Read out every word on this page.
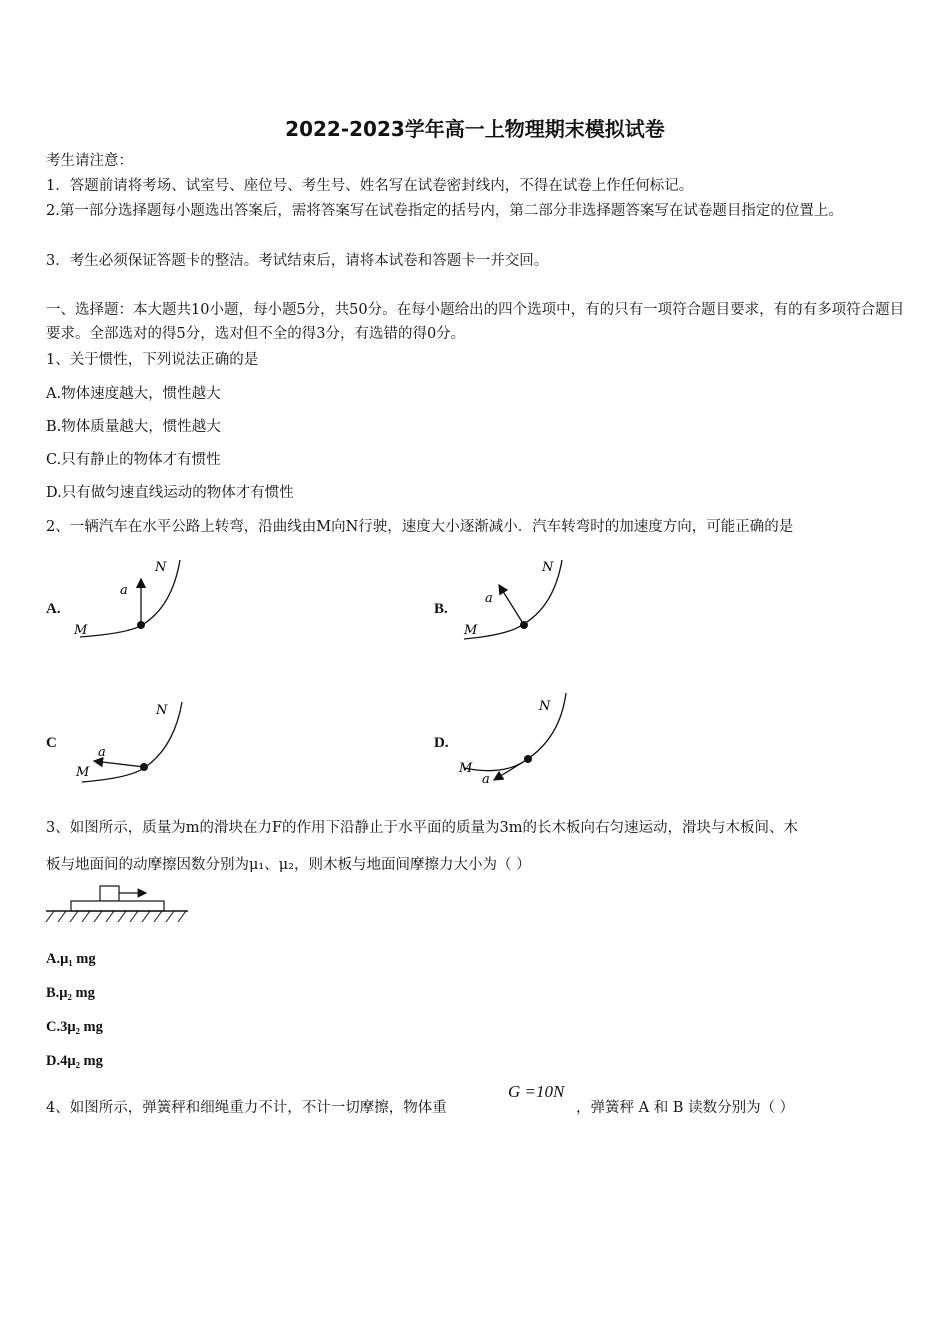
2022-2023学年高一上物理期末模拟试卷
考生请注意：
1．答题前请将考场、试室号、座位号、考生号、姓名写在试卷密封线内，不得在试卷上作任何标记。
2.第一部分选择题每小题选出答案后，需将答案写在试卷指定的括号内，第二部分非选择题答案写在试卷题目指定的位置上。
3．考生必须保证答题卡的整洁。考试结束后，请将本试卷和答题卡一并交回。
一、选择题：本大题共10小题，每小题5分，共50分。在每小题给出的四个选项中，有的只有一项符合题目要求，有的有多项符合题目要求。全部选对的得5分，选对但不全的得3分，有选错的得0分。
1、关于惯性，下列说法正确的是
A.物体速度越大，惯性越大
B.物体质量越大，惯性越大
C.只有静止的物体才有惯性
D.只有做匀速直线运动的物体才有惯性
2、一辆汽车在水平公路上转弯，沿曲线由M向N行驶，速度大小逐渐减小．汽车转弯时的加速度方向，可能正确的是
A.	B.
C	D.
a
N
M
a
N
M
a
N
M	a
N
M
3、如图所示，质量为m的滑块在力F的作用下沿静止于水平面的质量为3m的长木板向右匀速运动，滑块与木板间、木
板与地面间的动摩擦因数分别为μ₁、μ₂，则木板与地面间摩擦力大小为（ ）
A.μ₁ mg
B.μ₂ mg
C.3μ₂ mg
D.4μ₂ mg
4、如图所示，弹簧秤和细绳重力不计，不计一切摩擦，物体重
G =10N
，弹簧秤 A 和 B 读数分别为（ ）
